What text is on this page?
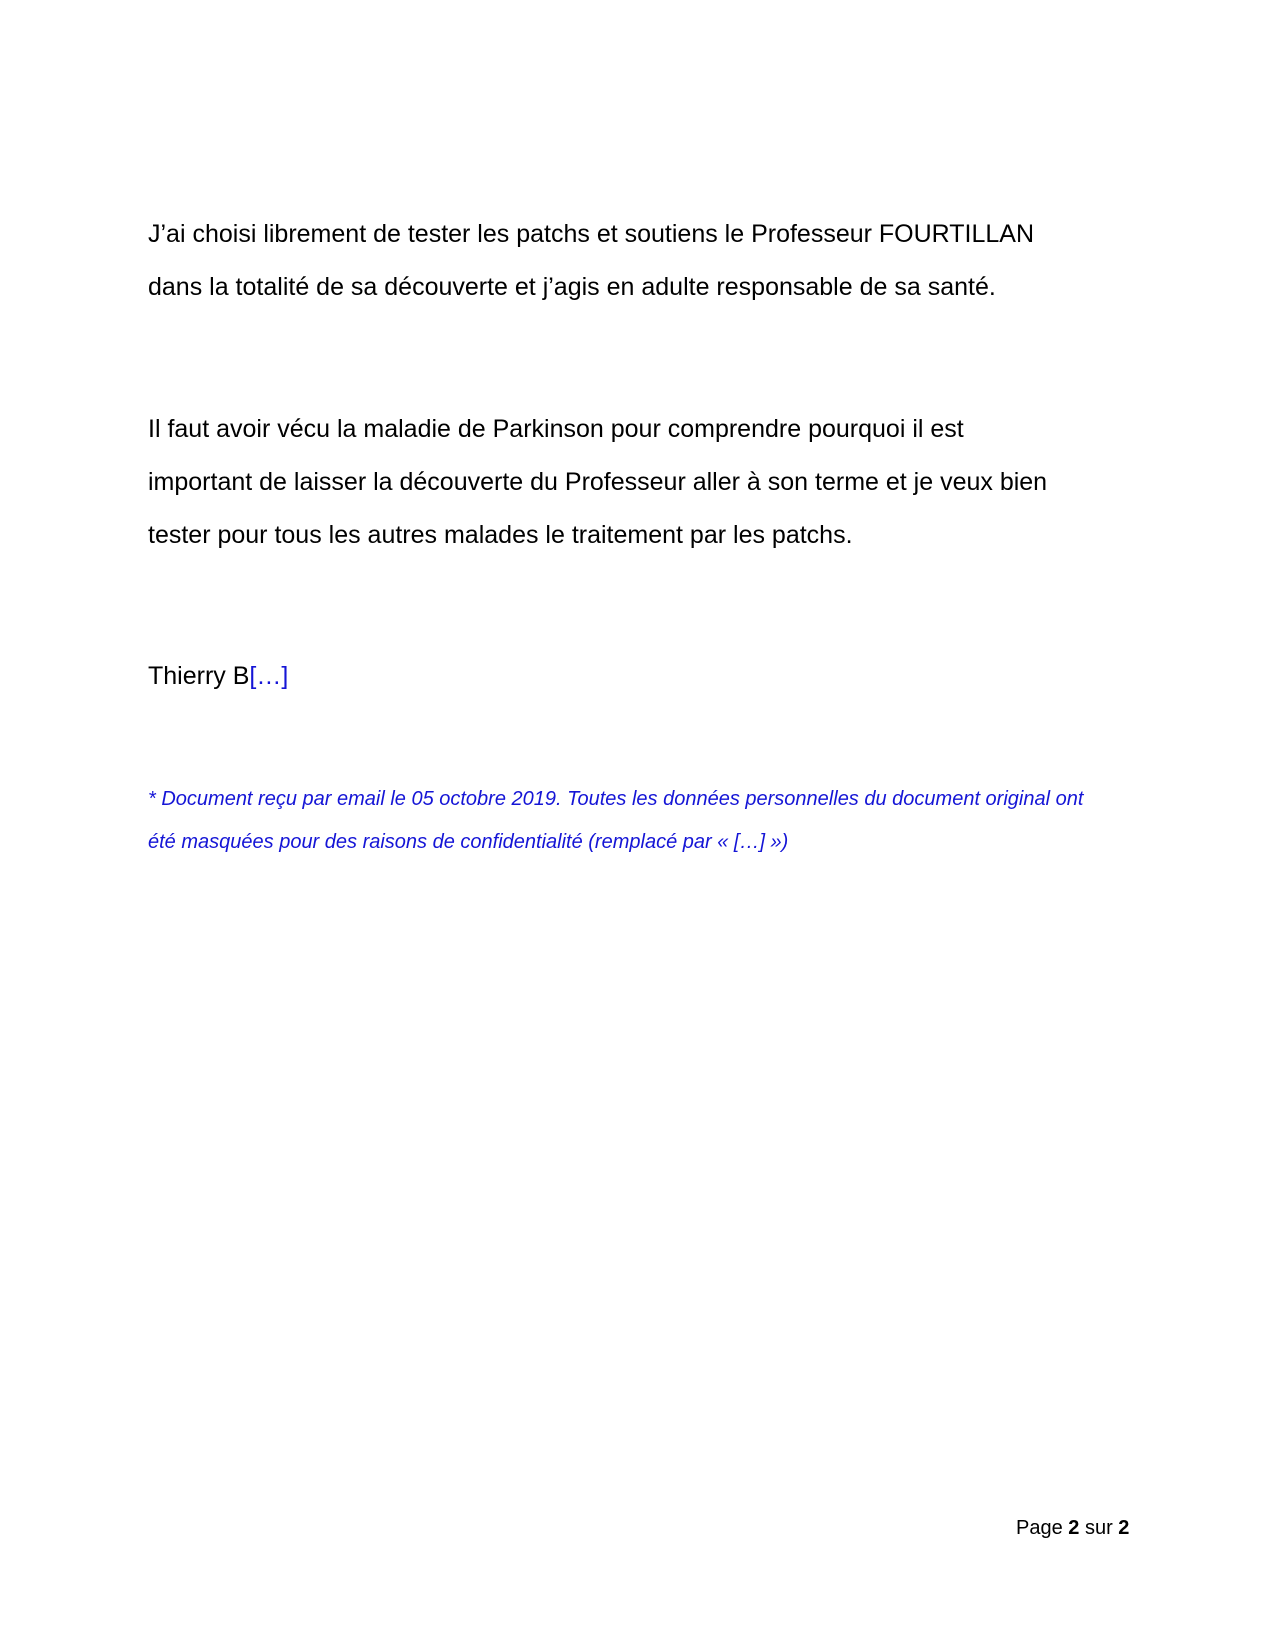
J’ai choisi librement de tester les patchs et soutiens le Professeur FOURTILLAN
dans la totalité de sa découverte et j’agis en adulte responsable de sa santé.

Il faut avoir vécu la maladie de Parkinson pour comprendre pourquoi il est
important de laisser la découverte du Professeur aller à son terme et je veux bien
tester pour tous les autres malades le traitement par les patchs.

Thierry B[…]

* Document reçu par email le 05 octobre 2019. Toutes les données personnelles du document original ont
été masquées pour des raisons de confidentialité (remplacé par « […] »)

Page 2 sur 2
